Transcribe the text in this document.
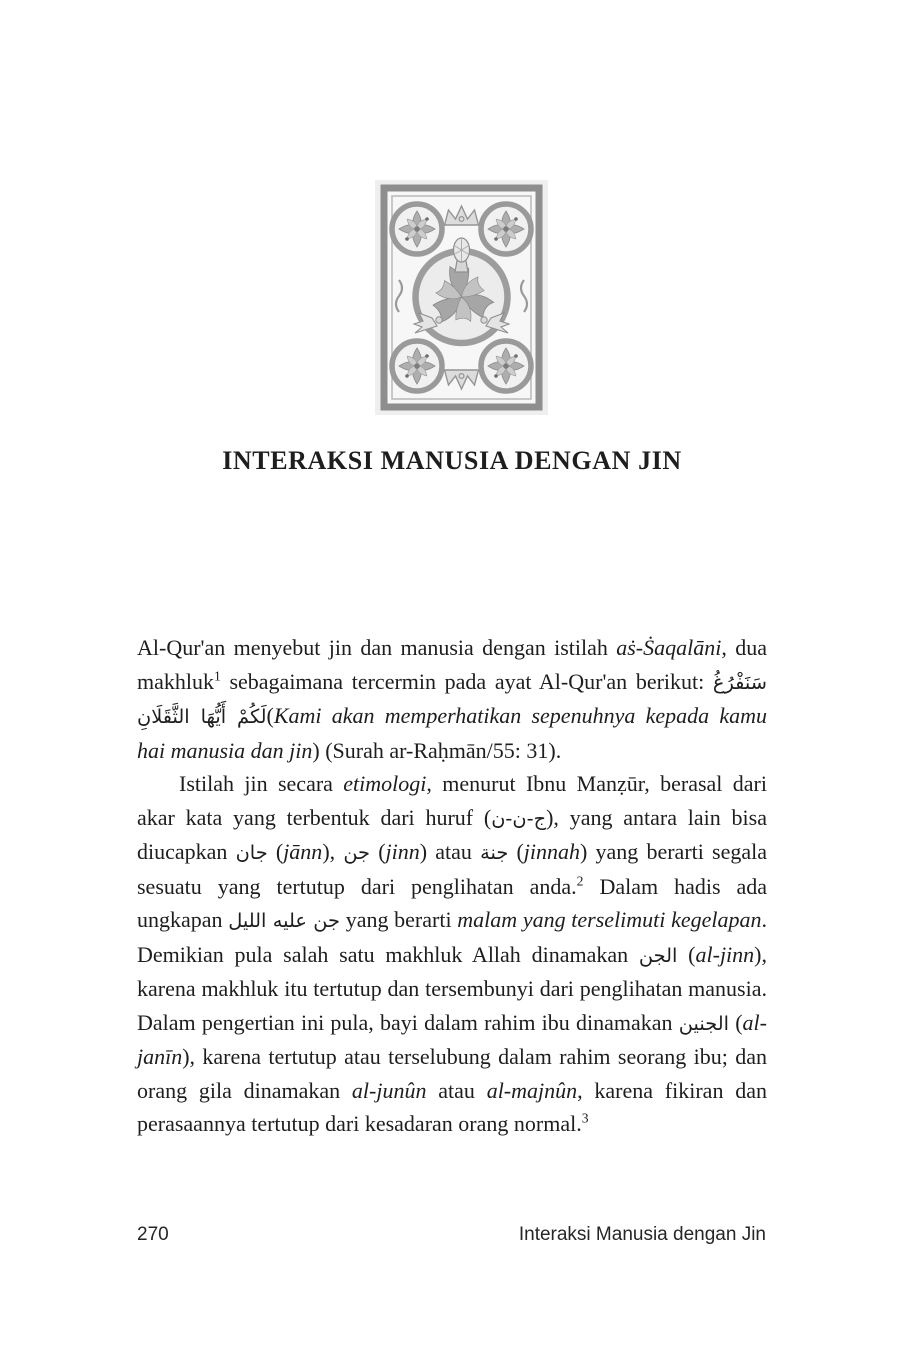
INTERAKSI MANUSIA DENGAN JIN

Al-Qur'an menyebut jin dan manusia dengan istilah aṡ-Ṡaqalāni, dua makhluk$^1$ sebagaimana tercermin pada ayat Al-Qur'an berikut: سَنَفْرُغُ لَكُمْ أَيُّهَا الثَّقَلَانِ(Kami akan memperhatikan sepenuhnya kepada kamu hai manusia dan jin) (Surah ar-Raḥmān/55: 31).

Istilah jin secara etimologi, menurut Ibnu Manẓūr, berasal dari akar kata yang terbentuk dari huruf (ج-ن-ن), yang antara lain bisa diucapkan جان (jānn), جن (jinn) atau جنة (jinnah) yang berarti segala sesuatu yang tertutup dari penglihatan anda.$^2$ Dalam hadis ada ungkapan جن عليه الليل yang berarti malam yang terselimuti kegelapan. Demikian pula salah satu makhluk Allah dinamakan الجن (al-jinn), karena makhluk itu tertutup dan tersembunyi dari penglihatan manusia. Dalam pengertian ini pula, bayi dalam rahim ibu dinamakan الجنين (al-janīn), karena tertutup atau terselubung dalam rahim seorang ibu; dan orang gila dinamakan al-junûn atau al-majnûn, karena fikiran dan perasaannya tertutup dari kesadaran orang normal.$^3$

270	Interaksi Manusia dengan Jin
